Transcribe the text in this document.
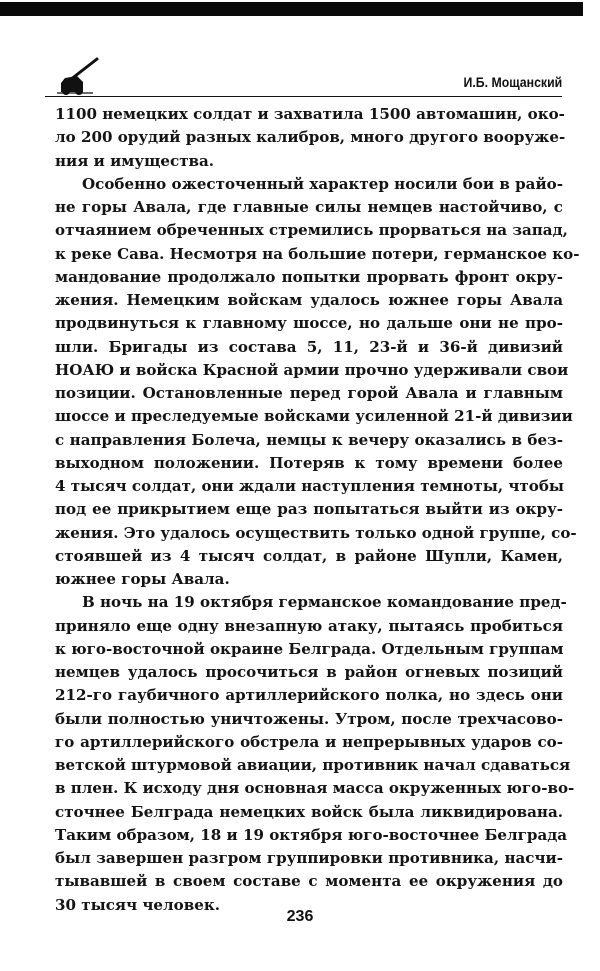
И.Б. Мощанский
1100 немецких солдат и захватила 1500 автомашин, око-
ло 200 орудий разных калибров, много другого вооруже-
ния и имущества.
Особенно ожесточенный характер носили бои в райо-
не горы Авала, где главные силы немцев настойчиво, с
отчаянием обреченных стремились прорваться на запад,
к реке Сава. Несмотря на большие потери, германское ко-
мандование продолжало попытки прорвать фронт окру-
жения. Немецким войскам удалось южнее горы Авала
продвинуться к главному шоссе, но дальше они не про-
шли. Бригады из состава 5, 11, 23-й и 36-й дивизий
НОАЮ и войска Красной армии прочно удерживали свои
позиции. Остановленные перед горой Авала и главным
шоссе и преследуемые войсками усиленной 21-й дивизии
с направления Болеча, немцы к вечеру оказались в без-
выходном положении. Потеряв к тому времени более
4 тысяч солдат, они ждали наступления темноты, чтобы
под ее прикрытием еще раз попытаться выйти из окру-
жения. Это удалось осуществить только одной группе, со-
стоявшей из 4 тысяч солдат, в районе Шупли, Камен,
южнее горы Авала.
В ночь на 19 октября германское командование пред-
приняло еще одну внезапную атаку, пытаясь пробиться
к юго-восточной окраине Белграда. Отдельным группам
немцев удалось просочиться в район огневых позиций
212-го гаубичного артиллерийского полка, но здесь они
были полностью уничтожены. Утром, после трехчасово-
го артиллерийского обстрела и непрерывных ударов со-
ветской штурмовой авиации, противник начал сдаваться
в плен. К исходу дня основная масса окруженных юго-во-
сточнее Белграда немецких войск была ликвидирована.
Таким образом, 18 и 19 октября юго-восточнее Белграда
был завершен разгром группировки противника, насчи-
тывавшей в своем составе с момента ее окружения до
30 тысяч человек.
236
